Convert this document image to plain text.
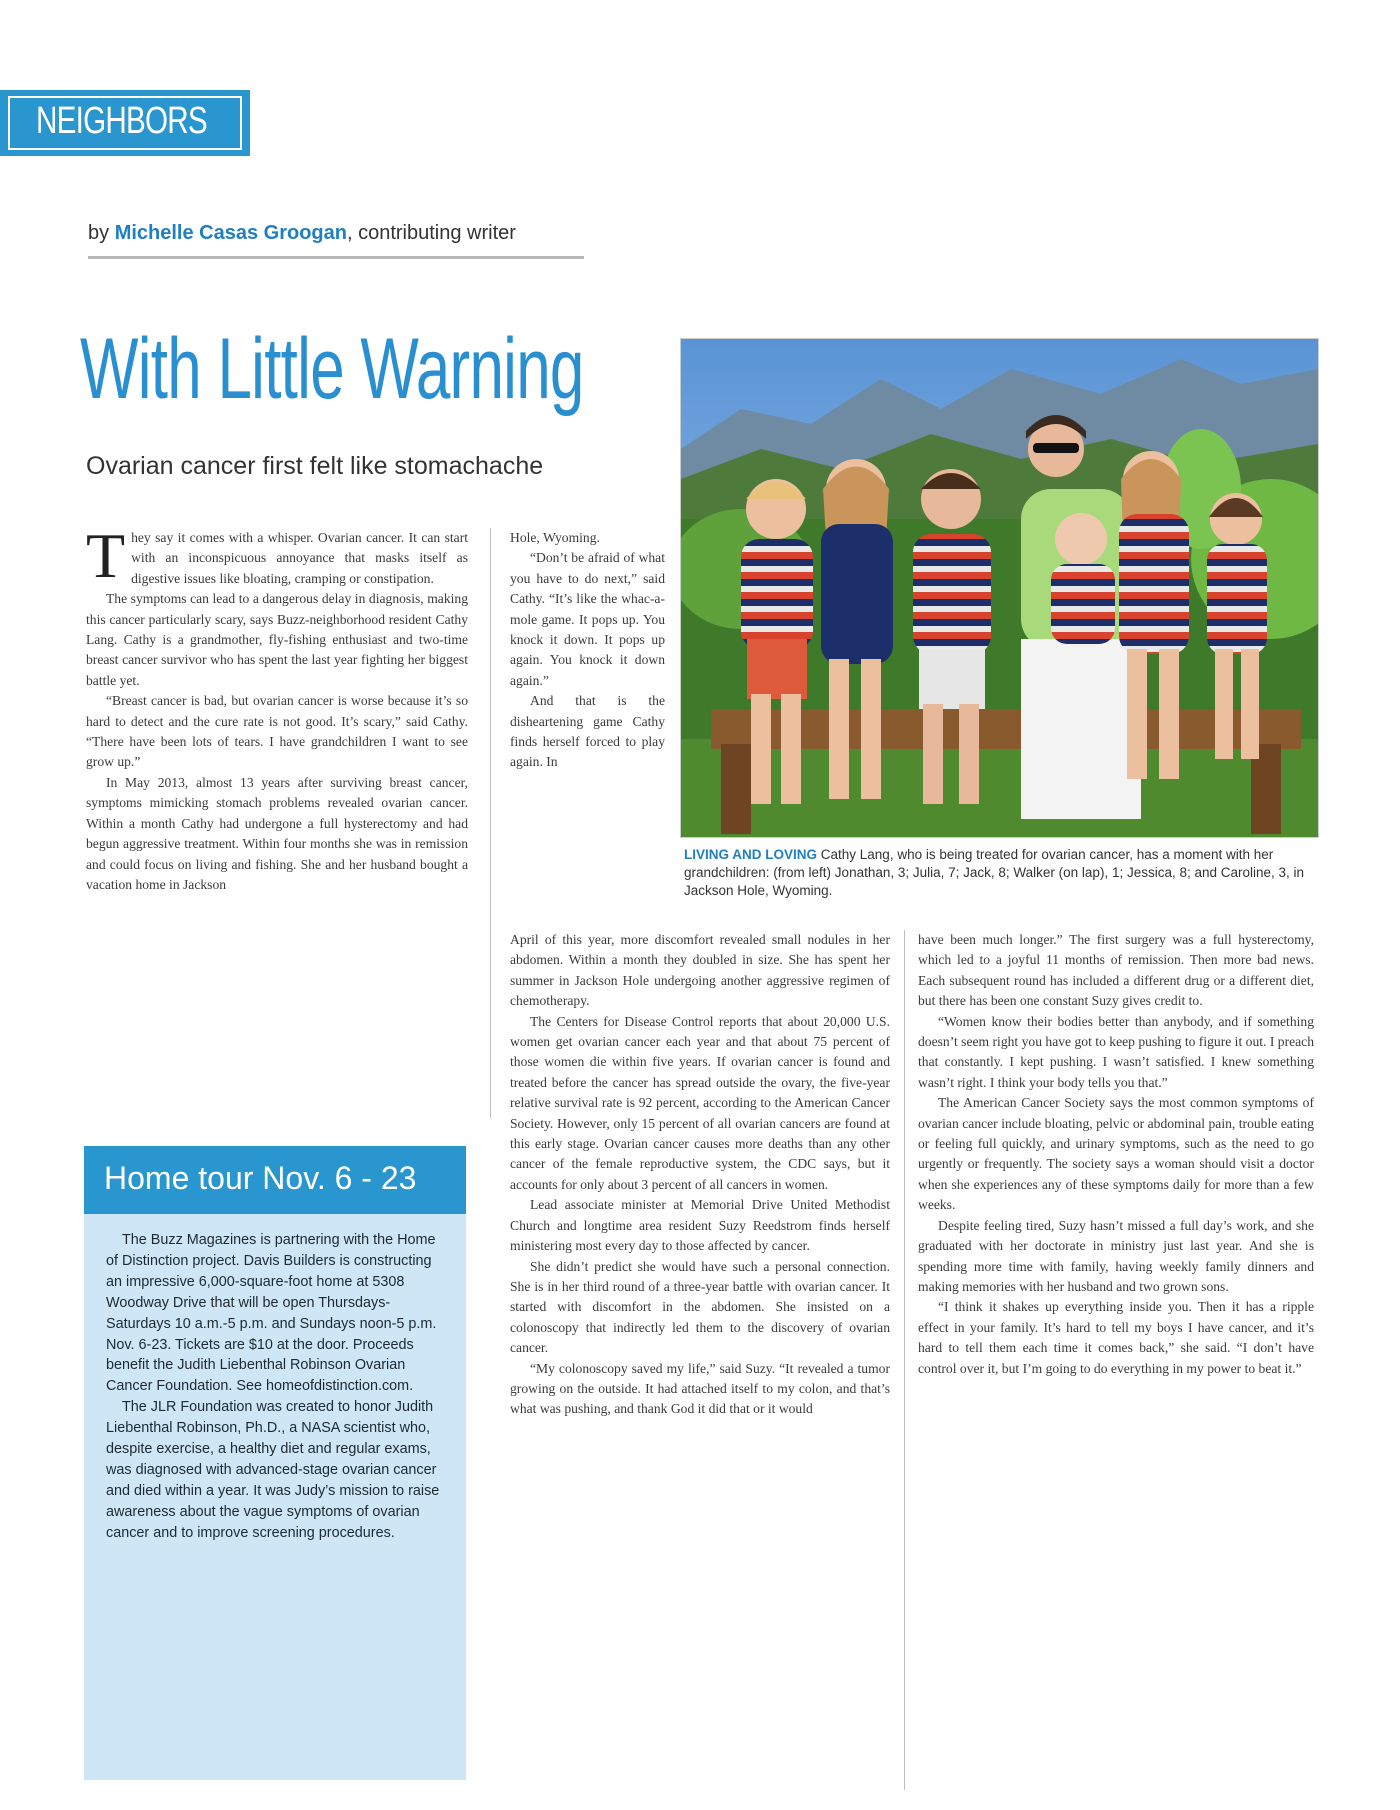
NEIGHBORS
by Michelle Casas Groogan, contributing writer
With Little Warning
Ovarian cancer first felt like stomachache
LIVING AND LOVING Cathy Lang, who is being treated for ovarian cancer, has a moment with her grandchildren: (from left) Jonathan, 3; Julia, 7; Jack, 8; Walker (on lap), 1; Jessica, 8; and Caroline, 3, in Jackson Hole, Wyoming.

They say it comes with a whisper. Ovarian cancer. It can start with an inconspicuous annoyance that masks itself as digestive issues like bloating, cramping or constipation.

The symptoms can lead to a dangerous delay in diagnosis, making this cancer particularly scary, says Buzz-neighborhood resident Cathy Lang. Cathy is a grandmother, fly-fishing enthusiast and two-time breast cancer survivor who has spent the last year fighting her biggest battle yet.

“Breast cancer is bad, but ovarian cancer is worse because it’s so hard to detect and the cure rate is not good. It’s scary,” said Cathy. “There have been lots of tears. I have grandchildren I want to see grow up.”

In May 2013, almost 13 years after surviving breast cancer, symptoms mimicking stomach problems revealed ovarian cancer. Within a month Cathy had undergone a full hysterectomy and had begun aggressive treatment. Within four months she was in remission and could focus on living and fishing. She and her husband bought a vacation home in Jackson

Hole, Wyoming.

“Don’t be afraid of what you have to do next,” said Cathy. “It’s like the whac-a-mole game. It pops up. You knock it down. It pops up again. You knock it down again.”

And that is the disheartening game Cathy finds herself forced to play again. In

April of this year, more discomfort revealed small nodules in her abdomen. Within a month they doubled in size. She has spent her summer in Jackson Hole undergoing another aggressive regimen of chemotherapy.

The Centers for Disease Control reports that about 20,000 U.S. women get ovarian cancer each year and that about 75 percent of those women die within five years. If ovarian cancer is found and treated before the cancer has spread outside the ovary, the five-year relative survival rate is 92 percent, according to the American Cancer Society. However, only 15 percent of all ovarian cancers are found at this early stage. Ovarian cancer causes more deaths than any other cancer of the female reproductive system, the CDC says, but it accounts for only about 3 percent of all cancers in women.

Lead associate minister at Memorial Drive United Methodist Church and longtime area resident Suzy Reedstrom finds herself ministering most every day to those affected by cancer.

She didn’t predict she would have such a personal connection. She is in her third round of a three-year battle with ovarian cancer. It started with discomfort in the abdomen. She insisted on a colonoscopy that indirectly led them to the discovery of ovarian cancer.

“My colonoscopy saved my life,” said Suzy. “It revealed a tumor growing on the outside. It had attached itself to my colon, and that’s what was pushing, and thank God it did that or it would

have been much longer.” The first surgery was a full hysterectomy, which led to a joyful 11 months of remission. Then more bad news. Each subsequent round has included a different drug or a different diet, but there has been one constant Suzy gives credit to.

“Women know their bodies better than anybody, and if something doesn’t seem right you have got to keep pushing to figure it out. I preach that constantly. I kept pushing. I wasn’t satisfied. I knew something wasn’t right. I think your body tells you that.”

The American Cancer Society says the most common symptoms of ovarian cancer include bloating, pelvic or abdominal pain, trouble eating or feeling full quickly, and urinary symptoms, such as the need to go urgently or frequently. The society says a woman should visit a doctor when she experiences any of these symptoms daily for more than a few weeks.

Despite feeling tired, Suzy hasn’t missed a full day’s work, and she graduated with her doctorate in ministry just last year. And she is spending more time with family, having weekly family dinners and making memories with her husband and two grown sons.

“I think it shakes up everything inside you. Then it has a ripple effect in your family. It’s hard to tell my boys I have cancer, and it’s hard to tell them each time it comes back,” she said. “I don’t have control over it, but I’m going to do everything in my power to beat it.”

Home tour Nov. 6 - 23

The Buzz Magazines is partnering with the Home of Distinction project. Davis Builders is constructing an impressive 6,000-square-foot home at 5308 Woodway Drive that will be open Thursdays-Saturdays 10 a.m.-5 p.m. and Sundays noon-5 p.m. Nov. 6-23. Tickets are $10 at the door. Proceeds benefit the Judith Liebenthal Robinson Ovarian Cancer Foundation. See homeofdistinction.com.

The JLR Foundation was created to honor Judith Liebenthal Robinson, Ph.D., a NASA scientist who, despite exercise, a healthy diet and regular exams, was diagnosed with advanced-stage ovarian cancer and died within a year. It was Judy’s mission to raise awareness about the vague symptoms of ovarian cancer and to improve screening procedures.
